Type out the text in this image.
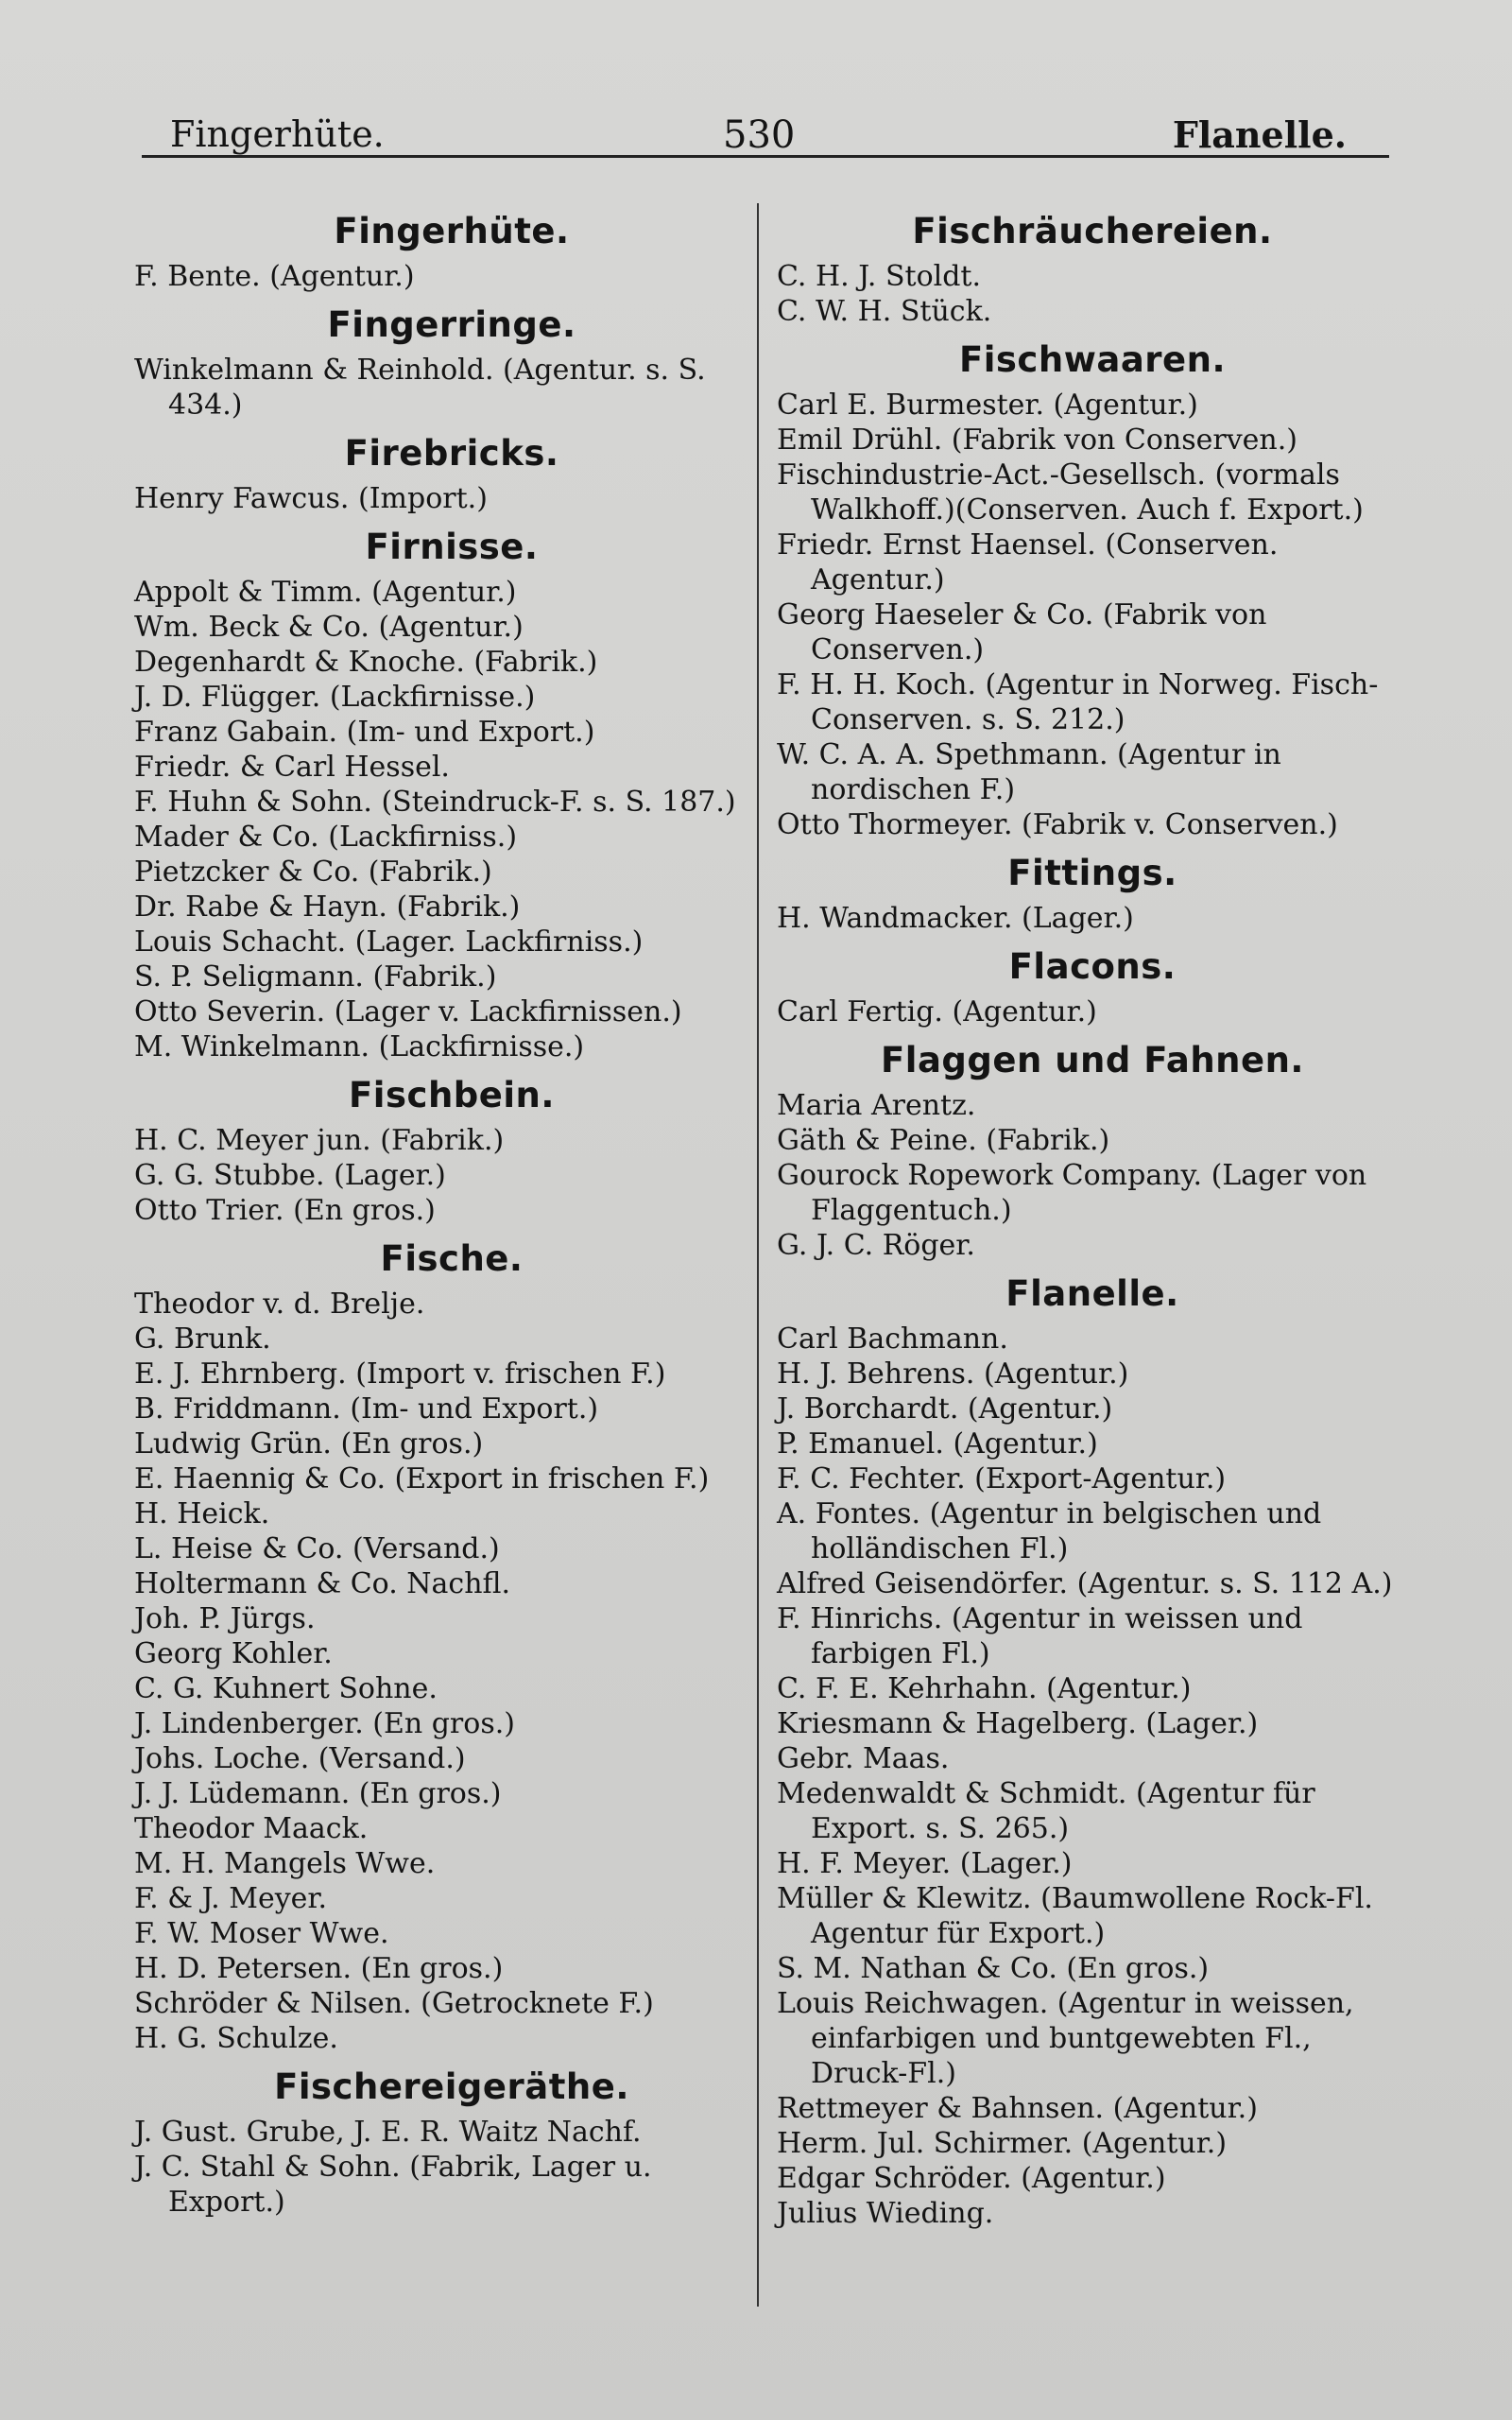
Fingerhüte.	530	Flanelle.
Fingerhüte.
F. Bente. (Agentur.)
Fingerringe.
Winkelmann & Reinhold. (Agentur. s. S. 434.)
Firebricks.
Henry Fawcus. (Import.)
Firnisse.
Appolt & Timm. (Agentur.)
Wm. Beck & Co. (Agentur.)
Degenhardt & Knoche. (Fabrik.)
J. D. Flügger. (Lackfirnisse.)
Franz Gabain. (Im- und Export.)
Friedr. & Carl Hessel.
F. Huhn & Sohn. (Steindruck-F. s. S. 187.)
Mader & Co. (Lackfirniss.)
Pietzcker & Co. (Fabrik.)
Dr. Rabe & Hayn. (Fabrik.)
Louis Schacht. (Lager. Lackfirniss.)
S. P. Seligmann. (Fabrik.)
Otto Severin. (Lager v. Lackfirnissen.)
M. Winkelmann. (Lackfirnisse.)
Fischbein.
H. C. Meyer jun. (Fabrik.)
G. G. Stubbe. (Lager.)
Otto Trier. (En gros.)
Fische.
Theodor v. d. Brelje.
G. Brunk.
E. J. Ehrnberg. (Import v. frischen F.)
B. Friddmann. (Im- und Export.)
Ludwig Grün. (En gros.)
E. Haennig & Co. (Export in frischen F.)
H. Heick.
L. Heise & Co. (Versand.)
Holtermann & Co. Nachfl.
Joh. P. Jürgs.
Georg Kohler.
C. G. Kuhnert Sohne.
J. Lindenberger. (En gros.)
Johs. Loche. (Versand.)
J. J. Lüdemann. (En gros.)
Theodor Maack.
M. H. Mangels Wwe.
F. & J. Meyer.
F. W. Moser Wwe.
H. D. Petersen. (En gros.)
Schröder & Nilsen. (Getrocknete F.)
H. G. Schulze.
Fischereigeräthe.
J. Gust. Grube, J. E. R. Waitz Nachf.
J. C. Stahl & Sohn. (Fabrik, Lager u. Export.)
Fischräuchereien.
C. H. J. Stoldt.
C. W. H. Stück.
Fischwaaren.
Carl E. Burmester. (Agentur.)
Emil Drühl. (Fabrik von Conserven.)
Fischindustrie-Act.-Gesellsch. (vormals Walkhoff.)(Conserven. Auch f. Export.)
Friedr. Ernst Haensel. (Conserven. Agentur.)
Georg Haeseler & Co. (Fabrik von Conserven.)
F. H. H. Koch. (Agentur in Norweg. Fisch-Conserven. s. S. 212.)
W. C. A. A. Spethmann. (Agentur in nordischen F.)
Otto Thormeyer. (Fabrik v. Conserven.)
Fittings.
H. Wandmacker. (Lager.)
Flacons.
Carl Fertig. (Agentur.)
Flaggen und Fahnen.
Maria Arentz.
Gäth & Peine. (Fabrik.)
Gourock Ropework Company. (Lager von Flaggentuch.)
G. J. C. Röger.
Flanelle.
Carl Bachmann.
H. J. Behrens. (Agentur.)
J. Borchardt. (Agentur.)
P. Emanuel. (Agentur.)
F. C. Fechter. (Export-Agentur.)
A. Fontes. (Agentur in belgischen und holländischen Fl.)
Alfred Geisendörfer. (Agentur. s. S. 112 A.)
F. Hinrichs. (Agentur in weissen und farbigen Fl.)
C. F. E. Kehrhahn. (Agentur.)
Kriesmann & Hagelberg. (Lager.)
Gebr. Maas.
Medenwaldt & Schmidt. (Agentur für Export. s. S. 265.)
H. F. Meyer. (Lager.)
Müller & Klewitz. (Baumwollene Rock-Fl. Agentur für Export.)
S. M. Nathan & Co. (En gros.)
Louis Reichwagen. (Agentur in weissen, einfarbigen und buntgewebten Fl., Druck-Fl.)
Rettmeyer & Bahnsen. (Agentur.)
Herm. Jul. Schirmer. (Agentur.)
Edgar Schröder. (Agentur.)
Julius Wieding.
